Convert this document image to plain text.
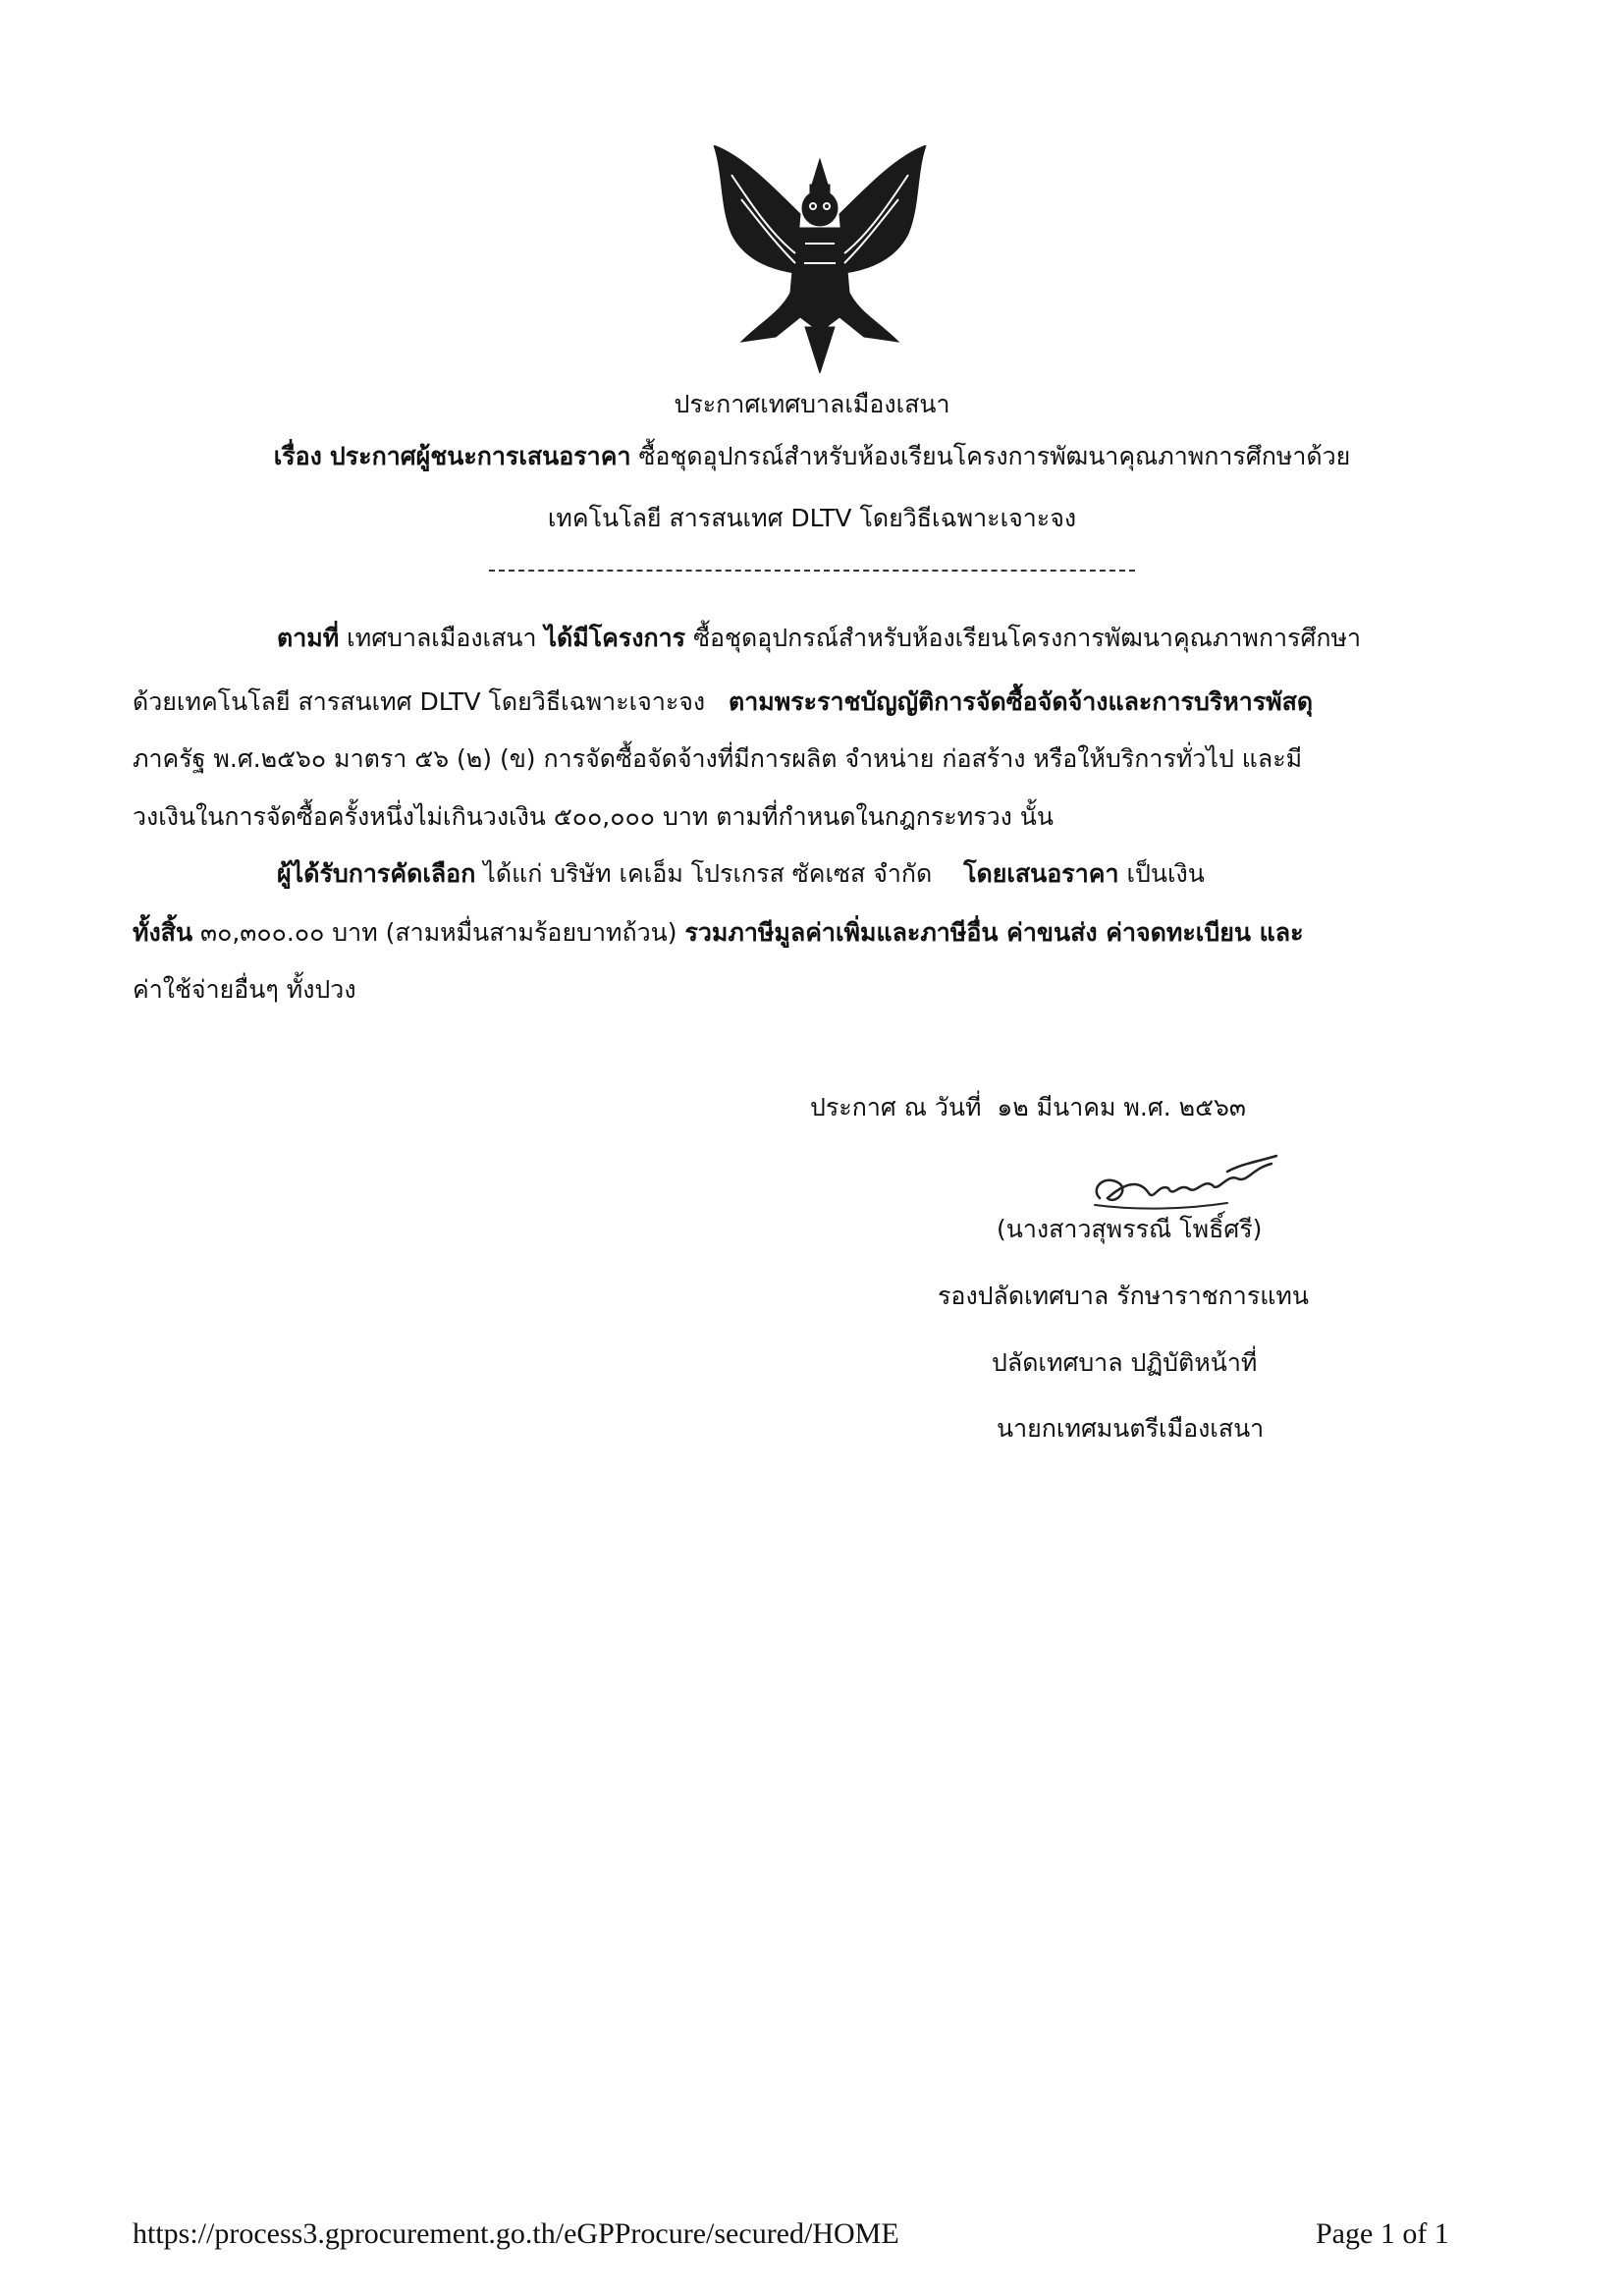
ประกาศเทศบาลเมืองเสนา
เรื่อง ประกาศผู้ชนะการเสนอราคา ซื้อชุดอุปกรณ์สำหรับห้องเรียนโครงการพัฒนาคุณภาพการศึกษาด้วย
เทคโนโลยี สารสนเทศ DLTV โดยวิธีเฉพาะเจาะจง
ตามที่ เทศบาลเมืองเสนา ได้มีโครงการ ซื้อชุดอุปกรณ์สำหรับห้องเรียนโครงการพัฒนาคุณภาพการศึกษา
ด้วยเทคโนโลยี สารสนเทศ DLTV โดยวิธีเฉพาะเจาะจง ตามพระราชบัญญัติการจัดซื้อจัดจ้างและการบริหารพัสดุ
ภาครัฐ พ.ศ.๒๕๖๐ มาตรา ๕๖ (๒) (ข) การจัดซื้อจัดจ้างที่มีการผลิต จำหน่าย ก่อสร้าง หรือให้บริการทั่วไป และมี
วงเงินในการจัดซื้อครั้งหนึ่งไม่เกินวงเงิน ๕๐๐,๐๐๐ บาท ตามที่กำหนดในกฎกระทรวง นั้น
ผู้ได้รับการคัดเลือก ได้แก่ บริษัท เคเอ็ม โปรเกรส ซัคเซส จำกัด โดยเสนอราคา เป็นเงิน
ทั้งสิ้น ๓๐,๓๐๐.๐๐ บาท (สามหมื่นสามร้อยบาทถ้วน) รวมภาษีมูลค่าเพิ่มและภาษีอื่น ค่าขนส่ง ค่าจดทะเบียน และ
ค่าใช้จ่ายอื่นๆ ทั้งปวง
ประกาศ ณ วันที่ ๑๒ มีนาคม พ.ศ. ๒๕๖๓
(นางสาวสุพรรณี โพธิ์ศรี)
รองปลัดเทศบาล รักษาราชการแทน
ปลัดเทศบาล ปฏิบัติหน้าที่
นายกเทศมนตรีเมืองเสนา
https://process3.gprocurement.go.th/eGPProcure/secured/HOME	Page 1 of 1
